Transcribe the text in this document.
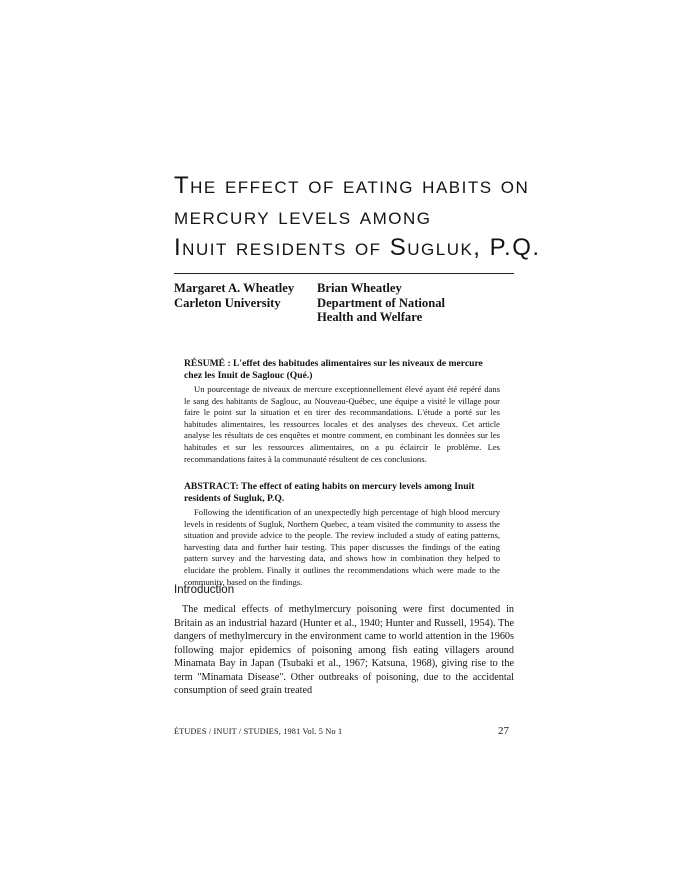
The effect of eating habits on
mercury levels among
Inuit residents of Sugluk, P.Q.
Margaret A. Wheatley
Carleton University
Brian Wheatley
Department of National
Health and Welfare
RÉSUMÉ : L'effet des habitudes alimentaires sur les niveaux de mercure chez les Inuit de Saglouc (Qué.)
Un pourcentage de niveaux de mercure exceptionnellement élevé ayant été repéré dans le sang des habitants de Saglouc, au Nouveau-Québec, une équipe a visité le village pour faire le point sur la situation et en tirer des recommandations. L'étude a porté sur les habitudes alimentaires, les ressources locales et des analyses des cheveux. Cet article analyse les résultats de ces enquêtes et montre comment, en combinant les données sur les habitudes et sur les ressources alimentaires, on a pu éclaircir le problème. Les recommandations faites à la communauté résultent de ces conclusions.
ABSTRACT: The effect of eating habits on mercury levels among Inuit residents of Sugluk, P.Q.
Following the identification of an unexpectedly high percentage of high blood mercury levels in residents of Sugluk, Northern Quebec, a team visited the community to assess the situation and provide advice to the people. The review included a study of eating patterns, harvesting data and further hair testing. This paper discusses the findings of the eating pattern survey and the harvesting data, and shows how in combination they helped to elucidate the problem. Finally it outlines the recommendations which were made to the community, based on the findings.
Introduction

The medical effects of methylmercury poisoning were first documented in Britain as an industrial hazard (Hunter et al., 1940; Hunter and Russell, 1954). The dangers of methylmercury in the environment came to world attention in the 1960s following major epidemics of poisoning among fish eating villagers around Minamata Bay in Japan (Tsubaki et al., 1967; Katsuna, 1968), giving rise to the term "Minamata Disease". Other outbreaks of poisoning, due to the accidental consumption of seed grain treated

ÉTUDES / INUIT / STUDIES, 1981 Vol. 5 No 1	27
